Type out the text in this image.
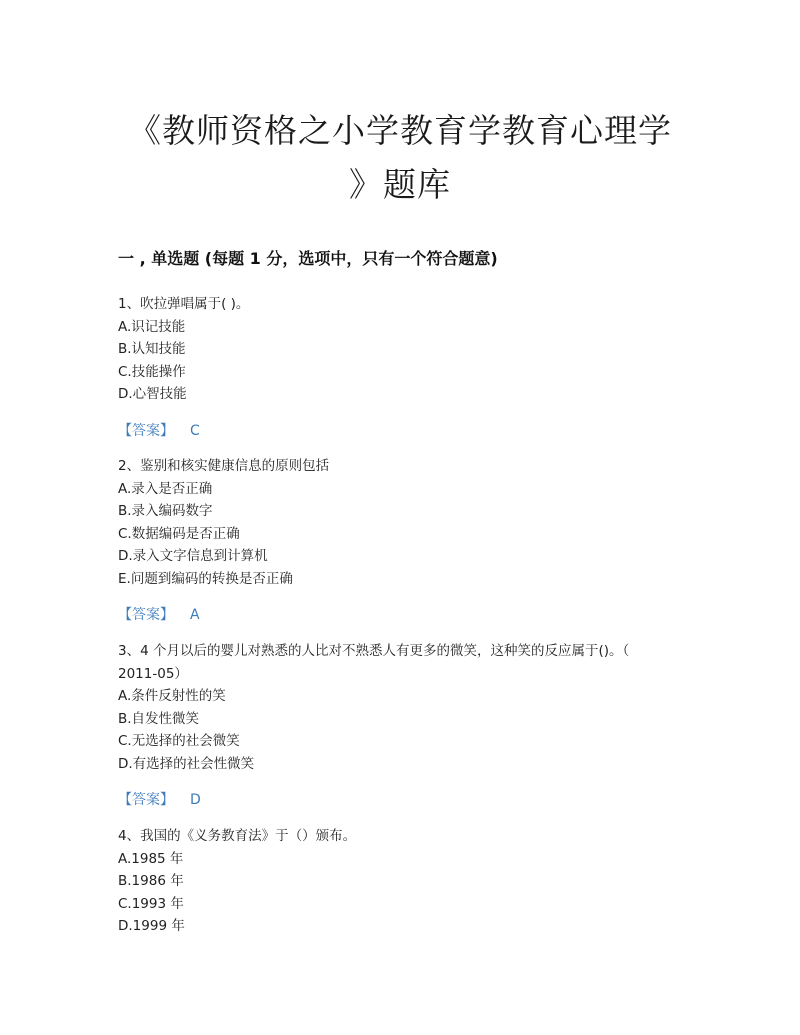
《教师资格之小学教育学教育心理学
》题库
一 , 单选题 (每题 1 分，选项中，只有一个符合题意)
1、吹拉弹唱属于( )。
A.识记技能
B.认知技能
C.技能操作
D.心智技能
【答案】 C
2、鉴别和核实健康信息的原则包括
A.录入是否正确
B.录入编码数字
C.数据编码是否正确
D.录入文字信息到计算机
E.问题到编码的转换是否正确
【答案】 A
3、4 个月以后的婴儿对熟悉的人比对不熟悉人有更多的微笑，这种笑的反应属于()。（
2011-05）
A.条件反射性的笑
B.自发性微笑
C.无选择的社会微笑
D.有选择的社会性微笑
【答案】 D
4、我国的《义务教育法》于（）颁布。
A.1985 年
B.1986 年
C.1993 年
D.1999 年
